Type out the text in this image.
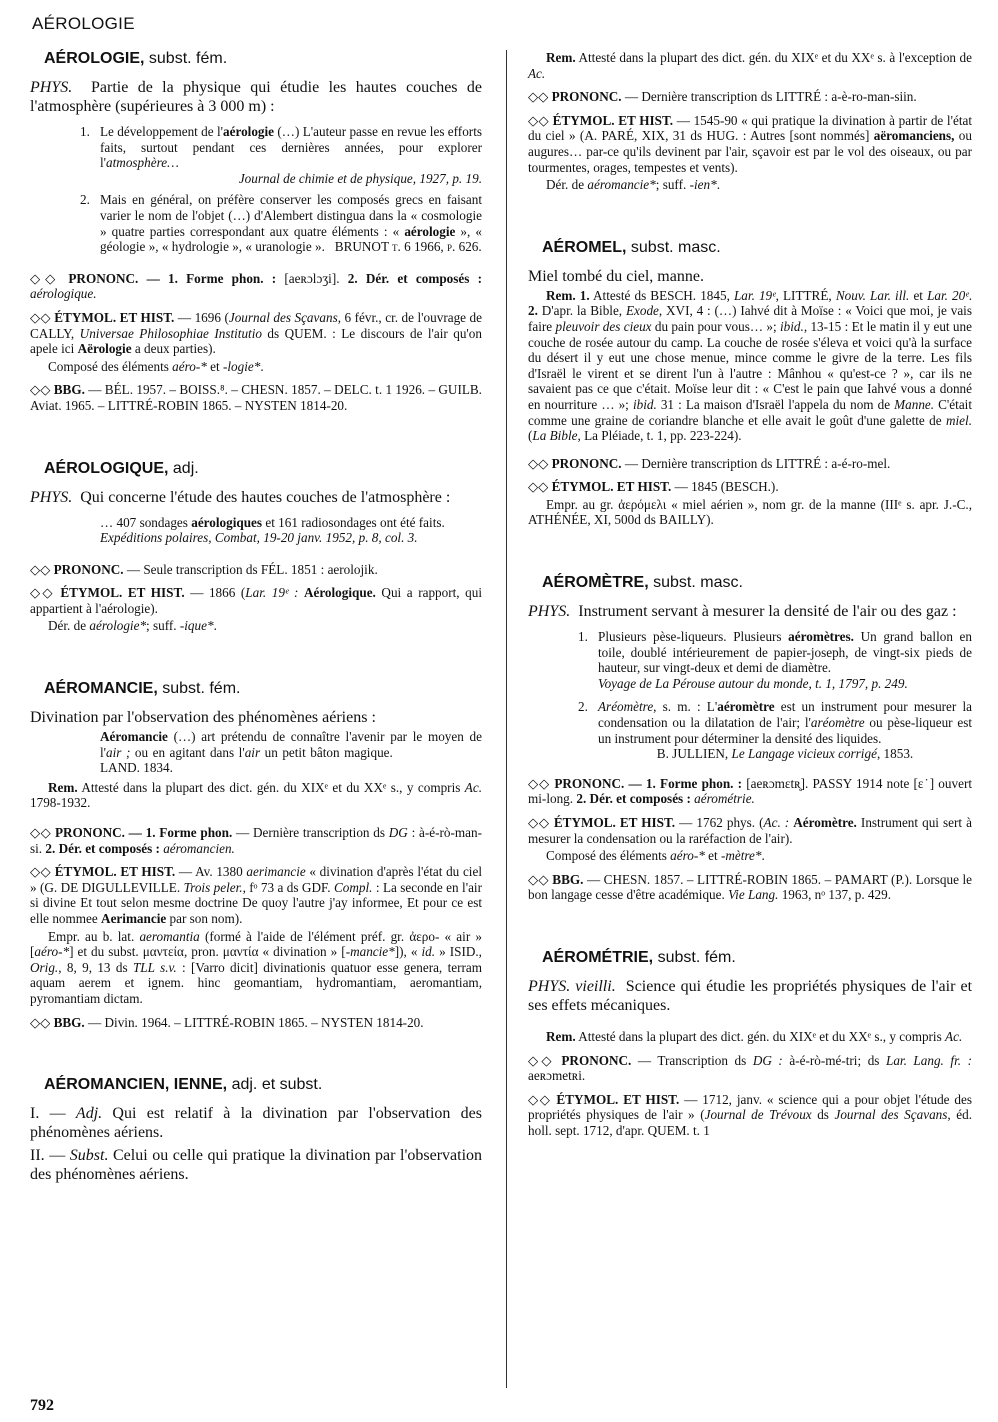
AÉROLOGIE
AÉROLOGIE, subst. fém.

PHYS. Partie de la physique qui étudie les hautes couches de l'atmosphère (supérieures à 3 000 m) :

1. Le développement de l'aérologie (…) L'auteur passe en revue les efforts faits, surtout pendant ces dernières années, pour explorer l'atmosphère…
Journal de chimie et de physique, 1927, p. 19.
2. Mais en général, on préfère conserver les composés grecs en faisant varier le nom de l'objet (…) d'Alembert distingua dans la « cosmologie » quatre parties correspondant aux quatre éléments : « aérologie », « géologie », « hydrologie », « uranologie ». BRUNOT t. 6 1966, p. 626.

◇◇ PRONONC. — 1. Forme phon. : [aeʀɔlɔʒi]. 2. Dér. et composés : aérologique.

◇◇ ÉTYMOL. ET HIST. — 1696 (Journal des Sçavans, 6 févr., cr. de l'ouvrage de CALLY, Universae Philosophiae Institutio ds QUEM. : Le discours de l'air qu'on apele ici Aërologie a deux parties).

Composé des éléments aéro-* et -logie*.

◇◇ BBG. — BÉL. 1957. – BOISS.⁸. – CHESN. 1857. – DELC. t. 1 1926. – GUILB. Aviat. 1965. – LITTRÉ-ROBIN 1865. – NYSTEN 1814-20.

AÉROLOGIQUE, adj.

PHYS. Qui concerne l'étude des hautes couches de l'atmosphère :

… 407 sondages aérologiques et 161 radiosondages ont été faits.
Expéditions polaires, Combat, 19-20 janv. 1952, p. 8, col. 3.

◇◇ PRONONC. — Seule transcription ds FÉL. 1851 : aerolojik.

◇◇ ÉTYMOL. ET HIST. — 1866 (Lar. 19ᵉ : Aérologique. Qui a rapport, qui appartient à l'aérologie).

Dér. de aérologie*; suff. -ique*.

AÉROMANCIE, subst. fém.

Divination par l'observation des phénomènes aériens :

Aéromancie (…) art prétendu de connaître l'avenir par le moyen de l'air ; ou en agitant dans l'air un petit bâton magique.                     LAND. 1834.

Rem. Attesté dans la plupart des dict. gén. du XIXᵉ et du XXᵉ s., y compris Ac. 1798-1932.

◇◇ PRONONC. — 1. Forme phon. — Dernière transcription ds DG : à-é-rò-man-si. 2. Dér. et composés : aéromancien.

◇◇ ÉTYMOL. ET HIST. — Av. 1380 aerimancie « divination d'après l'état du ciel » (G. DE DIGULLEVILLE. Trois peler., fᵒ 73 a ds GDF. Compl. : La seconde en l'air si divine Et tout selon mesme doctrine De quoy l'autre j'ay informee, Et pour ce est elle nommee Aerimancie par son nom).

Empr. au b. lat. aeromantia (formé à l'aide de l'élément préf. gr. ἀερο- « air » [aéro-*] et du subst. μαντεία, pron. μαντία « divination » [-mancie*]), « id. » ISID., Orig., 8, 9, 13 ds TLL s.v. : [Varro dicit] divinationis quatuor esse genera, terram aquam aerem et ignem. hinc geomantiam, hydromantiam, aeromantiam, pyromantiam dictam.

◇◇ BBG. — Divin. 1964. – LITTRÉ-ROBIN 1865. – NYSTEN 1814-20.

AÉROMANCIEN, IENNE, adj. et subst.

I. — Adj. Qui est relatif à la divination par l'observation des phénomènes aériens.

II. — Subst. Celui ou celle qui pratique la divination par l'observation des phénomènes aériens.

Rem. Attesté dans la plupart des dict. gén. du XIXᵉ et du XXᵉ s. à l'exception de Ac.

◇◇ PRONONC. — Dernière transcription ds LITTRÉ : a-è-ro-man-siin.

◇◇ ÉTYMOL. ET HIST. — 1545-90 « qui pratique la divination à partir de l'état du ciel » (A. PARÉ, XIX, 31 ds HUG. : Autres [sont nommés] aëromanciens, ou augures… par-ce qu'ils devinent par l'air, sçavoir est par le vol des oiseaux, ou par tourmentes, orages, tempestes et vents).

Dér. de aéromancie*; suff. -ien*.

AÉROMEL, subst. masc.

Miel tombé du ciel, manne.

Rem. 1. Attesté ds BESCH. 1845, Lar. 19ᵉ, LITTRÉ, Nouv. Lar. ill. et Lar. 20ᵉ. 2. D'apr. la Bible, Exode, XVI, 4 : (…) Iahvé dit à Moïse : « Voici que moi, je vais faire pleuvoir des cieux du pain pour vous… »; ibid., 13-15 : Et le matin il y eut une couche de rosée autour du camp. La couche de rosée s'éleva et voici qu'à la surface du désert il y eut une chose menue, mince comme le givre de la terre. Les fils d'Israël le virent et se dirent l'un à l'autre : Mânhou « qu'est-ce ? », car ils ne savaient pas ce que c'était. Moïse leur dit : « C'est le pain que Iahvé vous a donné en nourriture … »; ibid. 31 : La maison d'Israël l'appela du nom de Manne. C'était comme une graine de coriandre blanche et elle avait le goût d'une galette de miel. (La Bible, La Pléiade, t. 1, pp. 223-224).

◇◇ PRONONC. — Dernière transcription ds LITTRÉ : a-é-ro-mel.

◇◇ ÉTYMOL. ET HIST. — 1845 (BESCH.).

Empr. au gr. ἀερόμελι « miel aérien », nom gr. de la manne (IIIᵉ s. apr. J.-C., ATHÉNÉE, XI, 500d ds BAILLY).

AÉROMÈTRE, subst. masc.

PHYS. Instrument servant à mesurer la densité de l'air ou des gaz :

1. Plusieurs pèse-liqueurs. Plusieurs aéromètres. Un grand ballon en toile, doublé intérieurement de papier-joseph, de vingt-six pieds de hauteur, sur vingt-deux et demi de diamètre.
Voyage de La Pérouse autour du monde, t. 1, 1797, p. 249.
2. Aréomètre, s. m. : L'aéromètre est un instrument pour mesurer la condensation ou la dilatation de l'air; l'aréomètre ou pèse-liqueur est un instrument pour déterminer la densité des liquides.
B. JULLIEN, Le Langage vicieux corrigé, 1853.

◇◇ PRONONC. — 1. Forme phon. : [aeʀɔmɛtʀ̥]. PASSY 1914 note [ɛ˙] ouvert mi-long. 2. Dér. et composés : aérométrie.

◇◇ ÉTYMOL. ET HIST. — 1762 phys. (Ac. : Aéromètre. Instrument qui sert à mesurer la condensation ou la raréfaction de l'air).

Composé des éléments aéro-* et -mètre*.

◇◇ BBG. — CHESN. 1857. – LITTRÉ-ROBIN 1865. – PAMART (P.). Lorsque le bon langage cesse d'être académique. Vie Lang. 1963, nᵒ 137, p. 429.

AÉROMÉTRIE, subst. fém.

PHYS. vieilli. Science qui étudie les propriétés physiques de l'air et ses effets mécaniques.

Rem. Attesté dans la plupart des dict. gén. du XIXᵉ et du XXᵉ s., y compris Ac.

◇◇ PRONONC. — Transcription ds DG : à-é-rò-mé-tri; ds Lar. Lang. fr. : aeʀɔmetʀi.

◇◇ ÉTYMOL. ET HIST. — 1712, janv. « science qui a pour objet l'étude des propriétés physiques de l'air » (Journal de Trévoux ds Journal des Sçavans, éd. holl. sept. 1712, d'apr. QUEM. t. 1

792
